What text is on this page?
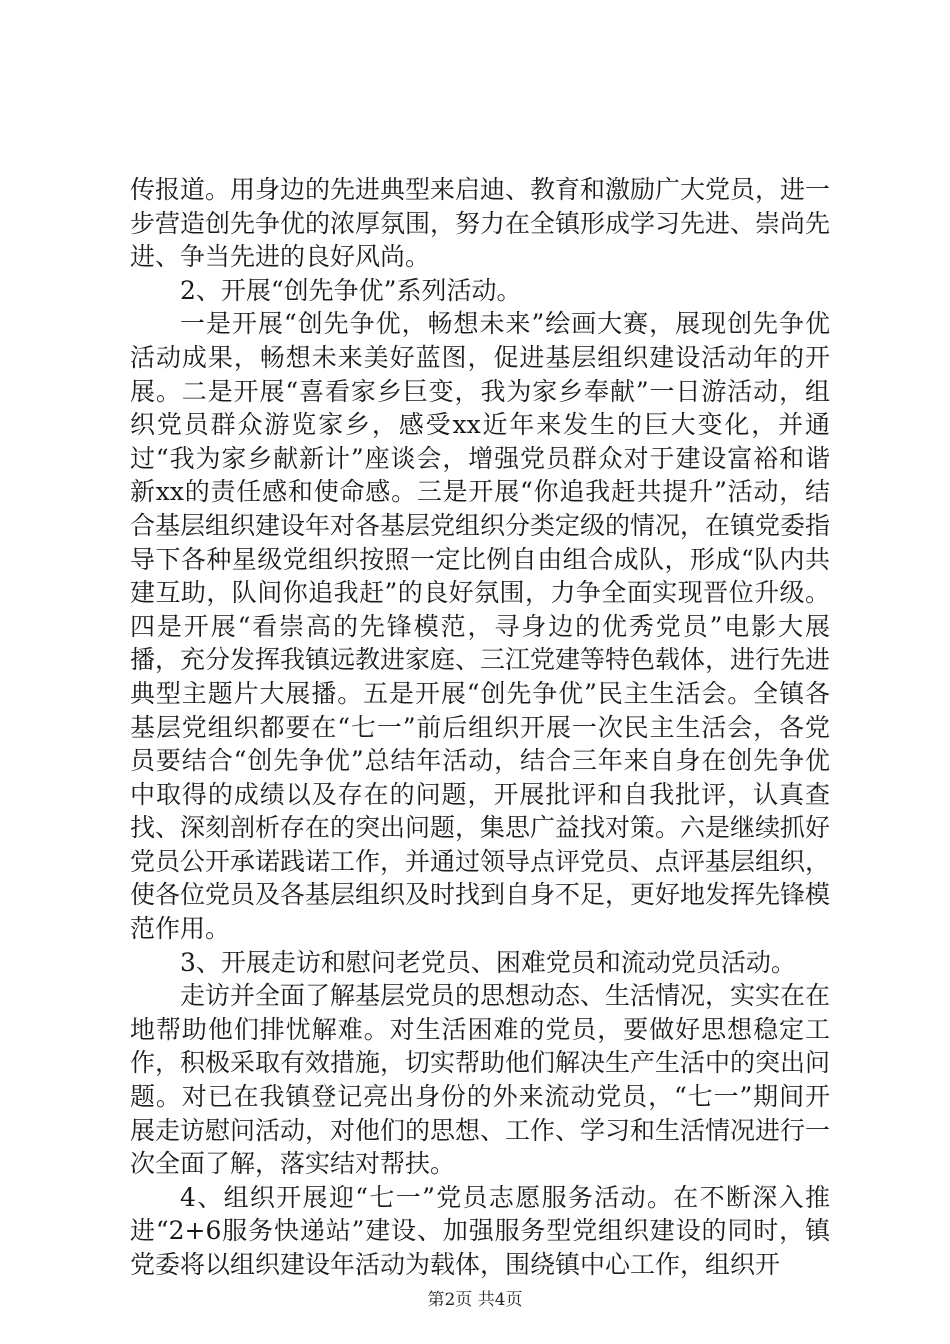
传报道。用身边的先进典型来启迪、教育和激励广大党员，进一步营造创先争优的浓厚氛围，努力在全镇形成学习先进、崇尚先进、争当先进的良好风尚。

2、开展“创先争优”系列活动。

一是开展“创先争优，畅想未来”绘画大赛，展现创先争优活动成果，畅想未来美好蓝图，促进基层组织建设活动年的开展。二是开展“喜看家乡巨变，我为家乡奉献”一日游活动，组织党员群众游览家乡，感受xx近年来发生的巨大变化，并通过“我为家乡献新计”座谈会，增强党员群众对于建设富裕和谐新xx的责任感和使命感。三是开展“你追我赶共提升”活动，结合基层组织建设年对各基层党组织分类定级的情况，在镇党委指导下各种星级党组织按照一定比例自由组合成队，形成“队内共建互助，队间你追我赶”的良好氛围，力争全面实现晋位升级。四是开展“看崇高的先锋模范，寻身边的优秀党员”电影大展播，充分发挥我镇远教进家庭、三江党建等特色载体，进行先进典型主题片大展播。五是开展“创先争优”民主生活会。全镇各基层党组织都要在“七一”前后组织开展一次民主生活会，各党员要结合“创先争优”总结年活动，结合三年来自身在创先争优中取得的成绩以及存在的问题，开展批评和自我批评，认真查找、深刻剖析存在的突出问题，集思广益找对策。六是继续抓好党员公开承诺践诺工作，并通过领导点评党员、点评基层组织，使各位党员及各基层组织及时找到自身不足，更好地发挥先锋模范作用。

3、开展走访和慰问老党员、困难党员和流动党员活动。

走访并全面了解基层党员的思想动态、生活情况，实实在在地帮助他们排忧解难。对生活困难的党员，要做好思想稳定工作，积极采取有效措施，切实帮助他们解决生产生活中的突出问题。对已在我镇登记亮出身份的外来流动党员，“七一”期间开展走访慰问活动，对他们的思想、工作、学习和生活情况进行一次全面了解，落实结对帮扶。

4、组织开展迎“七一”党员志愿服务活动。在不断深入推进“2+6服务快递站”建设、加强服务型党组织建设的同时，镇党委将以组织建设年活动为载体，围绕镇中心工作，组织开

第2页 共4页
